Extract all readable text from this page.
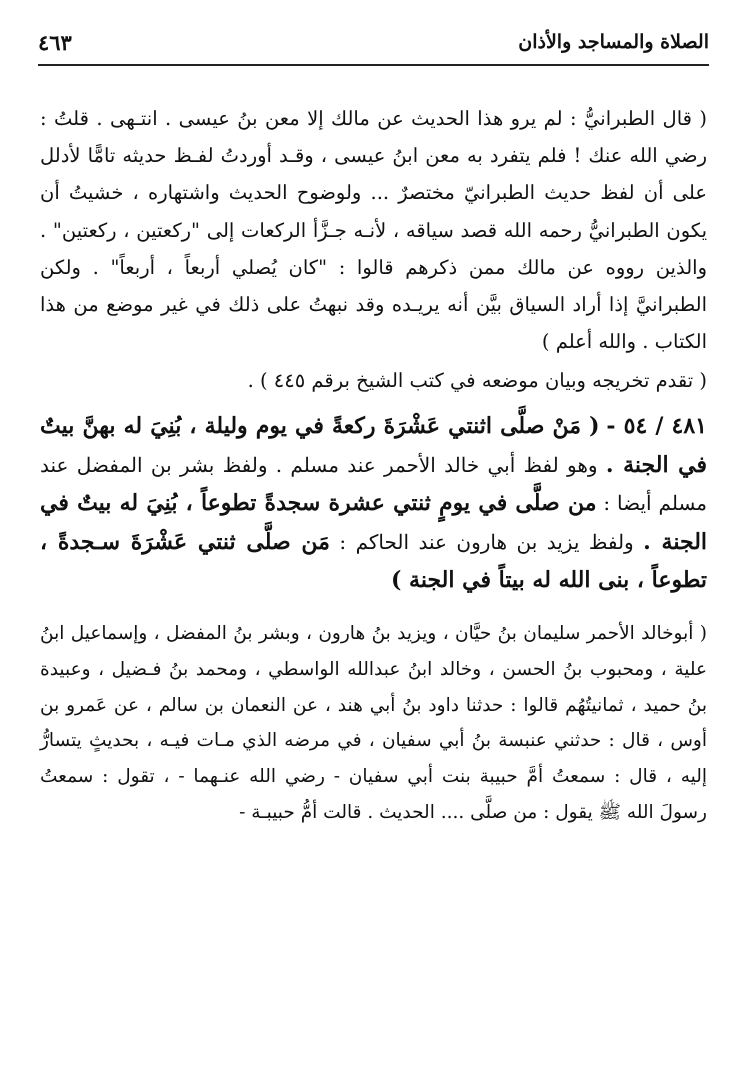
الصلاة والمساجد والأذان
٤٦٣

( قال الطبرانيُّ : لم يرو هذا الحديث عن مالك إلا معن بنُ عيسى . انتـهى . قلتُ : رضي الله عنك ! فلم يتفرد به معن ابنُ عيسى ، وقـد أوردتُ لفـظ حديثه تامًّا لأدلل على أن لفظ حديث الطبرانيّ مختصرٌ ... ولوضوح الحديث واشتهاره ، خشيتُ أن يكون الطبرانيُّ رحمه الله قصد سياقه ، لأنـه جـزَّأ الركعات إلى "ركعتين ، ركعتين" . والذين رووه عن مالك ممن ذكرهم قالوا : "كان يُصلي أربعاً ، أربعاً" . ولكن الطبرانيَّ إذا أراد السياق بيَّن أنه يريـده وقد نبهتُ على ذلك في غير موضع من هذا الكتاب . والله أعلم )

( تقدم تخريجه وبيان موضعه في كتب الشيخ برقم ٤٤٥ ) .

٤٨١ / ٥٤ - ( مَنْ صلَّى اثنتي عَشْرَةَ ركعةً في يوم وليلة ، بُنِيَ له بهنَّ بيتٌ في الجنة . وهو لفظ أبي خالد الأحمر عند مسلم . ولفظ بشر بن المفضل عند مسلم أيضا : من صلَّى في يومٍ ثنتي عشرة سجدةً تطوعاً ، بُنِيَ له بيتٌ في الجنة . ولفظ يزيد بن هارون عند الحاكم : مَن صلَّى ثنتي عَشْرَةَ سـجدةً ، تطوعاً ، بنى الله له بيتاً في الجنة )

( أبوخالد الأحمر سليمان بنُ حيَّان ، ويزيد بنُ هارون ، وبشر بنُ المفضل ، وإسماعيل ابنُ علية ، ومحبوب بنُ الحسن ، وخالد ابنُ عبدالله الواسطي ، ومحمد بنُ فـضيل ، وعبيدة بنُ حميد ، ثمانيتُهُم قالوا : حدثنا داود بنُ أبي هند ، عن النعمان بن سالم ، عن عَمرو بن أوس ، قال : حدثني عنبسة بنُ أبي سفيان ، في مرضه الذي مـات فيـه ، بحديثٍ يتسارُّ إليه ، قال : سمعتُ أمَّ حبيبة بنت أبي سفيان - رضي الله عنـهما - ، تقول : سمعتُ رسولَ الله ﷺ يقول : من صلَّى .... الحديث . قالت أمُّ حبيبـة -
